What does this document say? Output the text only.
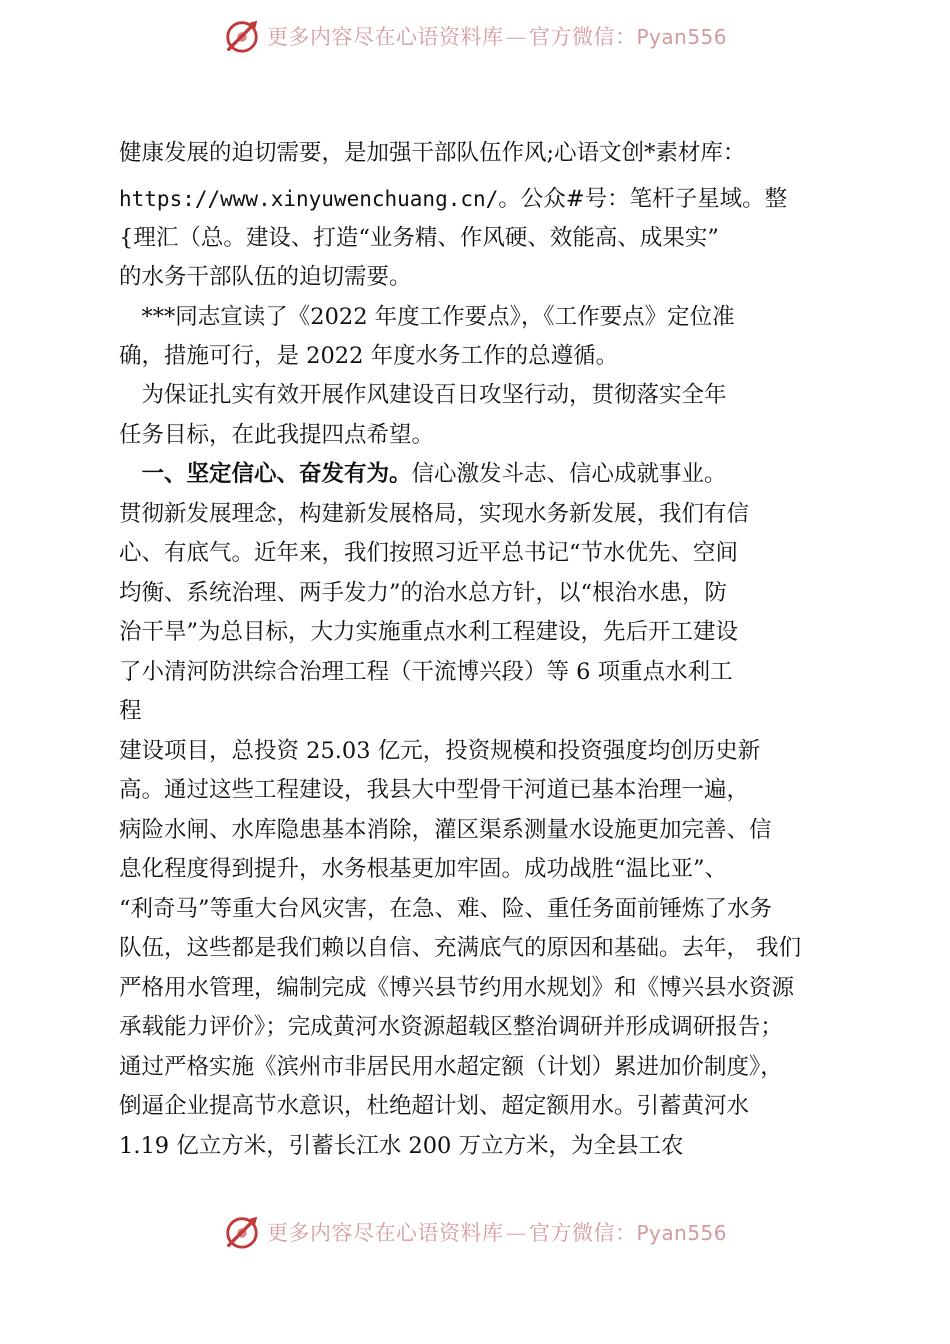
更多内容尽在心语资料库—官方微信：Pyan556
健康发展的迫切需要，是加强干部队伍作风;心语文创*素材库：
https://www.xinyuwenchuang.cn/。公众#号：笔杆子星域。整
{理汇（总。建设、打造“业务精、作风硬、效能高、成果实”
的水务干部队伍的迫切需要。
　***同志宣读了《2022 年度工作要点》，《工作要点》定位准
确，措施可行，是 2022 年度水务工作的总遵循。
　为保证扎实有效开展作风建设百日攻坚行动，贯彻落实全年
任务目标，在此我提四点希望。
　一、坚定信心、奋发有为。信心激发斗志、信心成就事业。
贯彻新发展理念，构建新发展格局，实现水务新发展，我们有信
心、有底气。近年来，我们按照习近平总书记“节水优先、空间
均衡、系统治理、两手发力”的治水总方针，以“根治水患，防
治干旱”为总目标，大力实施重点水利工程建设，先后开工建设
了小清河防洪综合治理工程（干流博兴段）等 6 项重点水利工
程
建设项目，总投资 25.03 亿元，投资规模和投资强度均创历史新
高。通过这些工程建设，我县大中型骨干河道已基本治理一遍，
病险水闸、水库隐患基本消除，灌区渠系测量水设施更加完善、信
息化程度得到提升，水务根基更加牢固。成功战胜“温比亚”、
“利奇马”等重大台风灾害，在急、难、险、重任务面前锤炼了水务
队伍，这些都是我们赖以自信、充满底气的原因和基础。去年， 我们
严格用水管理，编制完成《博兴县节约用水规划》和《博兴县水资源
承载能力评价》；完成黄河水资源超载区整治调研并形成调研报告；
通过严格实施《滨州市非居民用水超定额（计划）累进加价制度》，
倒逼企业提高节水意识，杜绝超计划、超定额用水。引蓄黄河水
1.19 亿立方米，引蓄长江水 200 万立方米，为全县工农
更多内容尽在心语资料库—官方微信：Pyan556
